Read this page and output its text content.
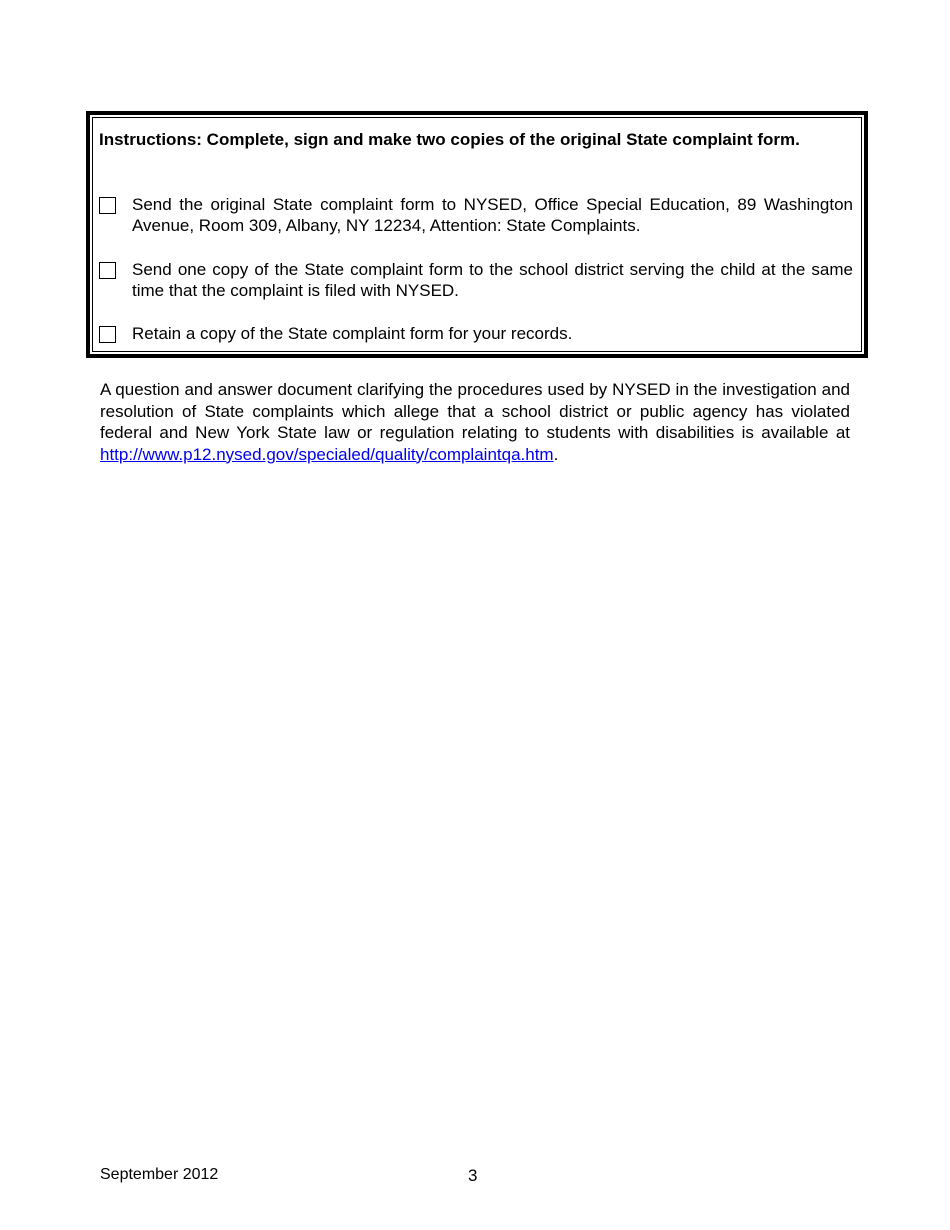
Instructions: Complete, sign and make two copies of the original State complaint form.

Send the original State complaint form to NYSED, Office Special Education, 89 Washington Avenue, Room 309, Albany, NY 12234, Attention: State Complaints.

Send one copy of the State complaint form to the school district serving the child at the same time that the complaint is filed with NYSED.

Retain a copy of the State complaint form for your records.

A question and answer document clarifying the procedures used by NYSED in the investigation and resolution of State complaints which allege that a school district or public agency has violated federal and New York State law or regulation relating to students with disabilities is available at http://www.p12.nysed.gov/specialed/quality/complaintqa.htm.

September 2012	3
